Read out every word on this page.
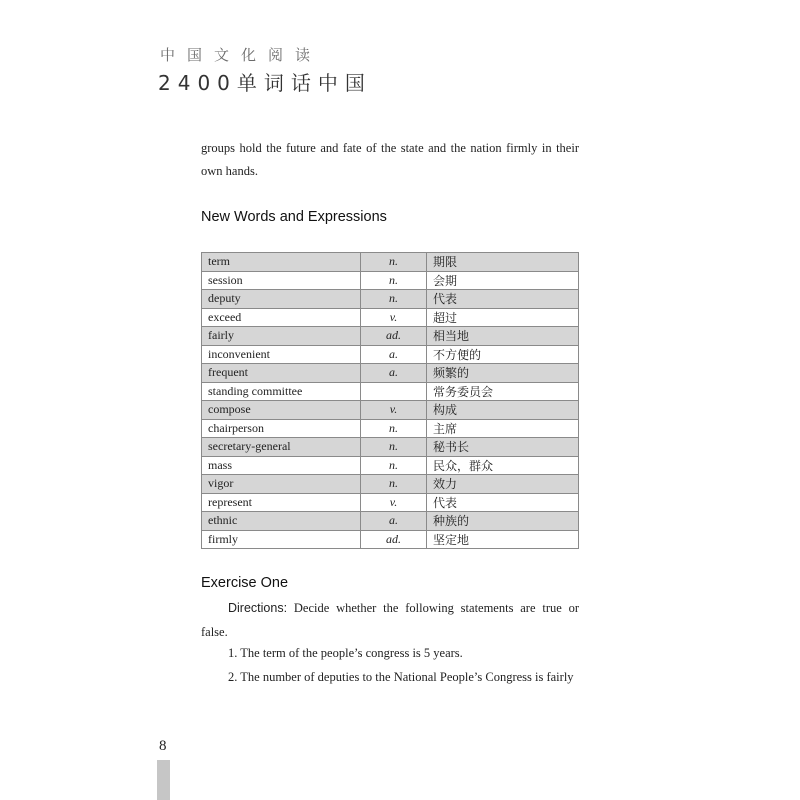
中国文化阅读
2400单词话中国
groups hold the future and fate of the state and the nation firmly in their own hands.
New Words and Expressions
term	n.	期限
session	n.	会期
deputy	n.	代表
exceed	v.	超过
fairly	ad.	相当地
inconvenient	a.	不方便的
frequent	a.	频繁的
standing committee		常务委员会
compose	v.	构成
chairperson	n.	主席
secretary-general	n.	秘书长
mass	n.	民众，群众
vigor	n.	效力
represent	v.	代表
ethnic	a.	种族的
firmly	ad.	坚定地
Exercise One
Directions: Decide whether the following statements are true or false.
1. The term of the people’s congress is 5 years.
2. The number of deputies to the National People’s Congress is fairly
8
